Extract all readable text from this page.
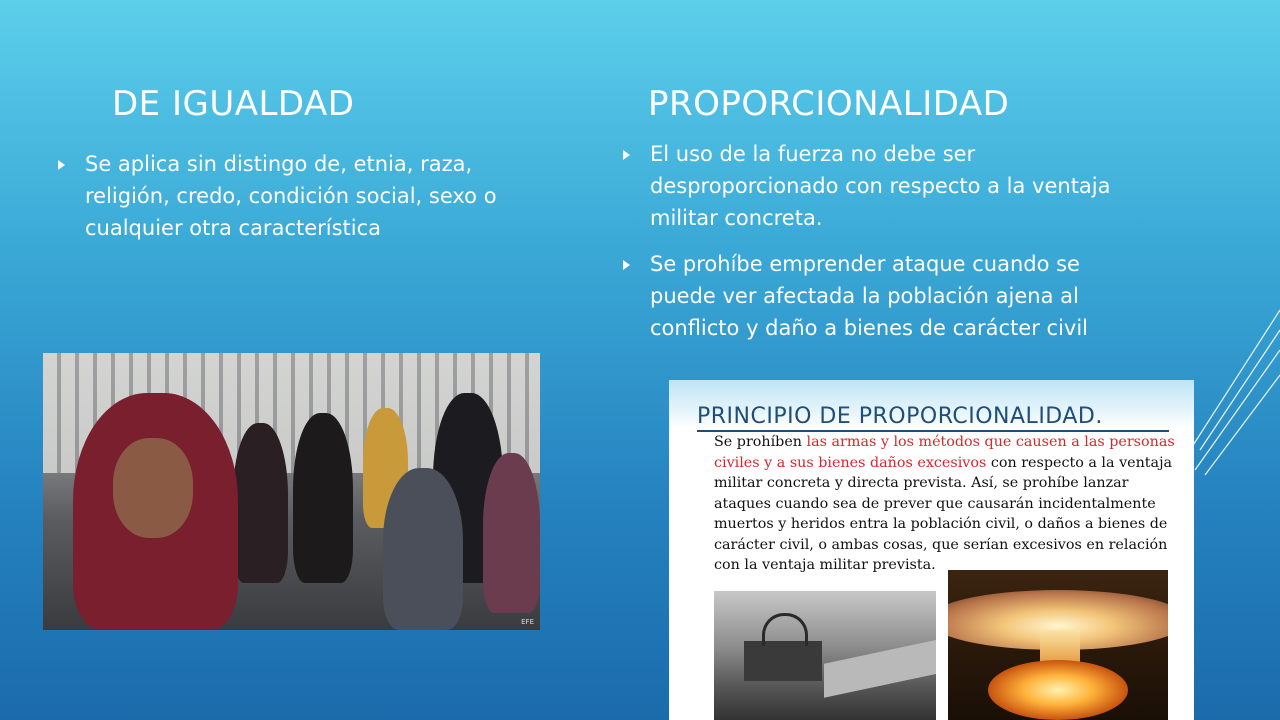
DE IGUALDAD	PROPORCIONALIDAD
Se aplica sin distingo de, etnia, raza, religión, credo, condición social, sexo o cualquier otra característica
El uso de la fuerza no debe ser desproporcionado con respecto a la ventaja militar concreta.
Se prohíbe emprender ataque cuando se puede ver afectada la población ajena al conflicto y daño a bienes de carácter civil
EFE

PRINCIPIO DE PROPORCIONALIDAD.

Se prohíben las armas y los métodos que causen a las personas civiles y a sus bienes daños excesivos con respecto a la ventaja militar concreta y directa prevista. Así, se prohíbe lanzar ataques cuando sea de prever que causarán incidentalmente muertos y heridos entra la población civil, o daños a bienes de carácter civil, o ambas cosas, que serían excesivos en relación con la ventaja militar prevista.
